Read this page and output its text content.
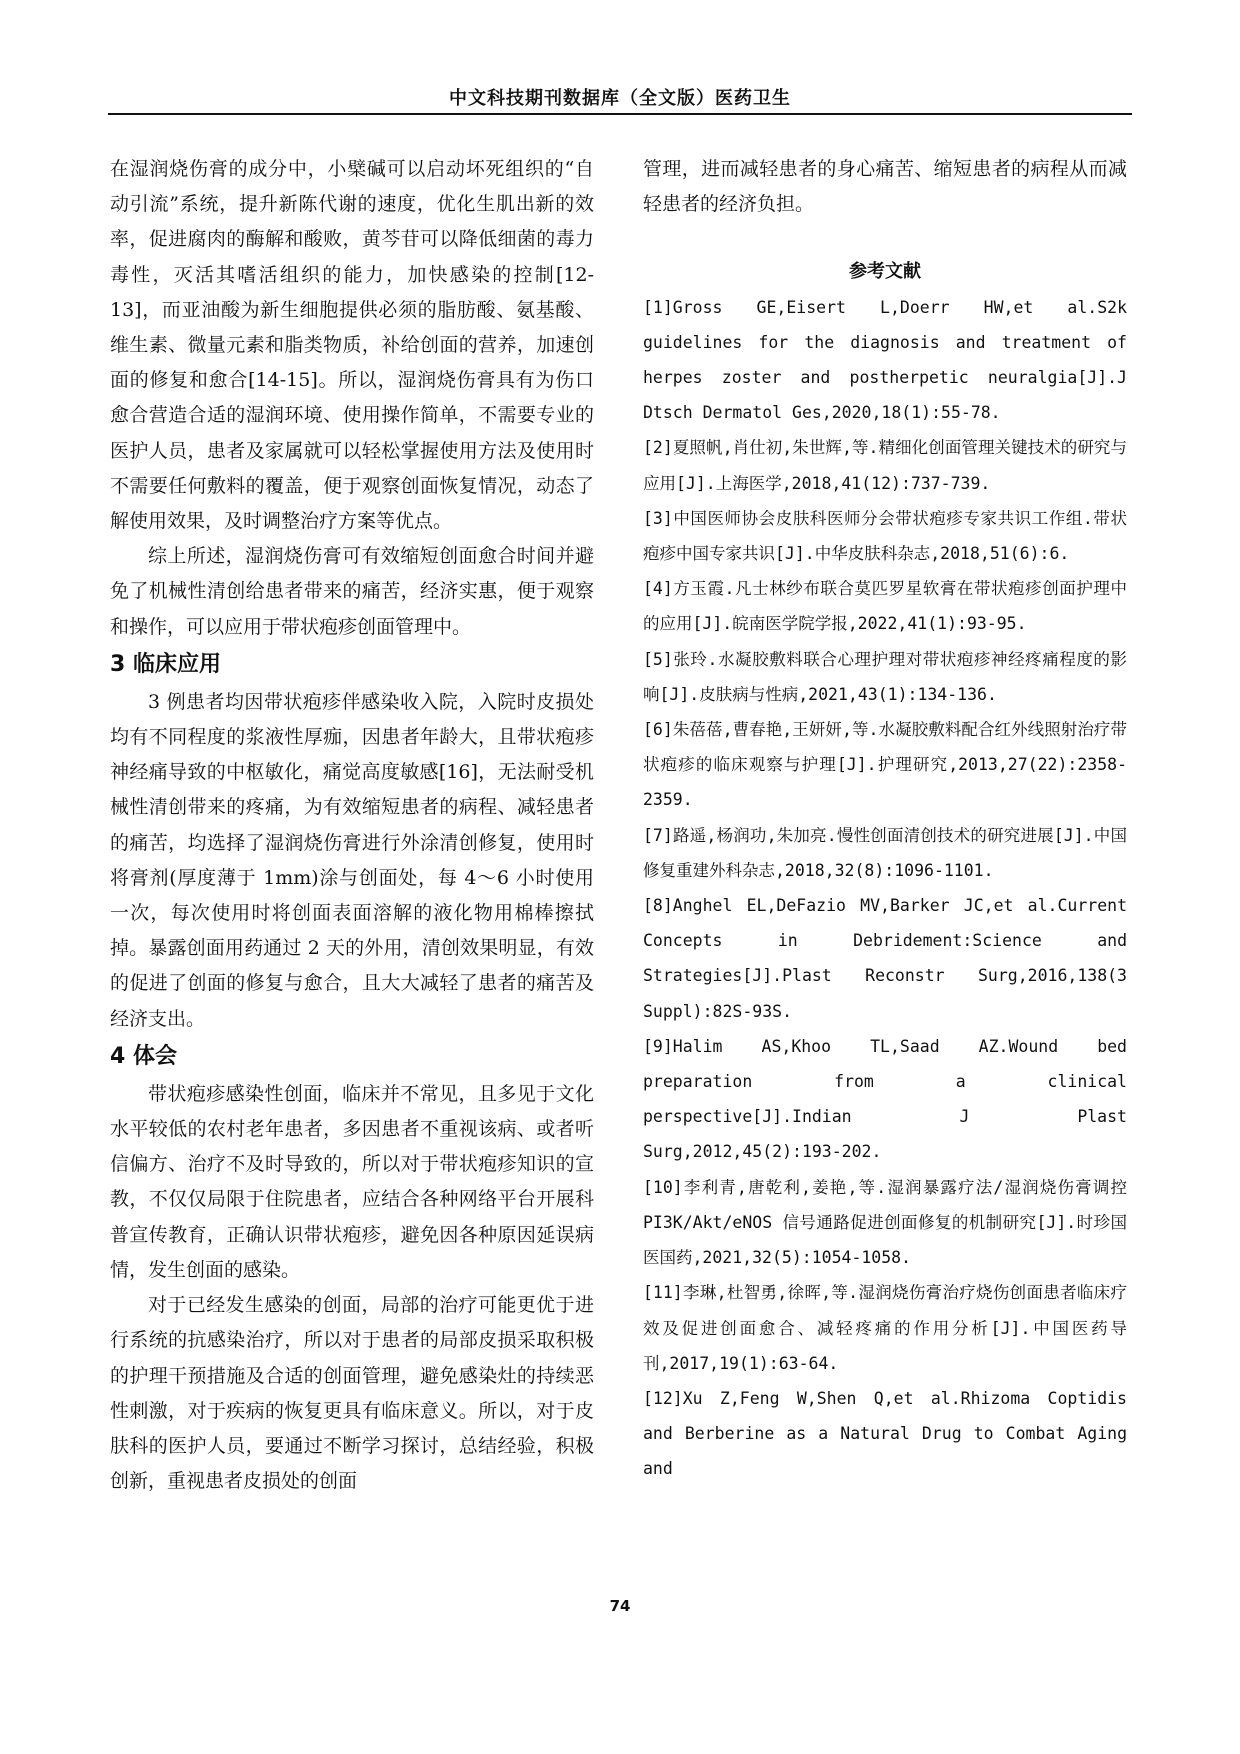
中文科技期刊数据库（全文版）医药卫生

在湿润烧伤膏的成分中，小檗碱可以启动坏死组织的“自动引流”系统，提升新陈代谢的速度，优化生肌出新的效率，促进腐肉的酶解和酸败，黄芩苷可以降低细菌的毒力毒性，灭活其嗜活组织的能力，加快感染的控制[12-13]，而亚油酸为新生细胞提供必须的脂肪酸、氨基酸、维生素、微量元素和脂类物质，补给创面的营养，加速创面的修复和愈合[14-15]。所以，湿润烧伤膏具有为伤口愈合营造合适的湿润环境、使用操作简单，不需要专业的医护人员，患者及家属就可以轻松掌握使用方法及使用时不需要任何敷料的覆盖，便于观察创面恢复情况，动态了解使用效果，及时调整治疗方案等优点。

综上所述，湿润烧伤膏可有效缩短创面愈合时间并避免了机械性清创给患者带来的痛苦，经济实惠，便于观察和操作，可以应用于带状疱疹创面管理中。

3 临床应用

3 例患者均因带状疱疹伴感染收入院，入院时皮损处均有不同程度的浆液性厚痂，因患者年龄大，且带状疱疹神经痛导致的中枢敏化，痛觉高度敏感[16]，无法耐受机械性清创带来的疼痛，为有效缩短患者的病程、减轻患者的痛苦，均选择了湿润烧伤膏进行外涂清创修复，使用时将膏剂(厚度薄于 1mm)涂与创面处，每 4～6 小时使用一次，每次使用时将创面表面溶解的液化物用棉棒擦拭掉。暴露创面用药通过 2 天的外用，清创效果明显，有效的促进了创面的修复与愈合，且大大减轻了患者的痛苦及经济支出。

4 体会

带状疱疹感染性创面，临床并不常见，且多见于文化水平较低的农村老年患者，多因患者不重视该病、或者听信偏方、治疗不及时导致的，所以对于带状疱疹知识的宣教，不仅仅局限于住院患者，应结合各种网络平台开展科普宣传教育，正确认识带状疱疹，避免因各种原因延误病情，发生创面的感染。

对于已经发生感染的创面，局部的治疗可能更优于进行系统的抗感染治疗，所以对于患者的局部皮损采取积极的护理干预措施及合适的创面管理，避免感染灶的持续恶性刺激，对于疾病的恢复更具有临床意义。所以，对于皮肤科的医护人员，要通过不断学习探讨，总结经验，积极创新，重视患者皮损处的创面

管理，进而减轻患者的身心痛苦、缩短患者的病程从而减轻患者的经济负担。

参考文献

[1]Gross GE,Eisert L,Doerr HW,et al.S2k guidelines for the diagnosis and treatment of herpes zoster and postherpetic neuralgia[J].J Dtsch Dermatol Ges,2020,18(1):55-78.

[2]夏照帆,肖仕初,朱世辉,等.精细化创面管理关键技术的研究与应用[J].上海医学,2018,41(12):737-739.

[3]中国医师协会皮肤科医师分会带状疱疹专家共识工作组.带状疱疹中国专家共识[J].中华皮肤科杂志,2018,51(6):6.

[4]方玉霞.凡士林纱布联合莫匹罗星软膏在带状疱疹创面护理中的应用[J].皖南医学院学报,2022,41(1):93-95.

[5]张玲.水凝胶敷料联合心理护理对带状疱疹神经疼痛程度的影响[J].皮肤病与性病,2021,43(1):134-136.

[6]朱蓓蓓,曹春艳,王妍妍,等.水凝胶敷料配合红外线照射治疗带状疱疹的临床观察与护理[J].护理研究,2013,27(22):2358-2359.

[7]路遥,杨润功,朱加亮.慢性创面清创技术的研究进展[J].中国修复重建外科杂志,2018,32(8):1096-1101.

[8]Anghel EL,DeFazio MV,Barker JC,et al.Current Concepts in Debridement:Science and Strategies[J].Plast Reconstr Surg,2016,138(3 Suppl):82S-93S.

[9]Halim AS,Khoo TL,Saad AZ.Wound bed preparation from a clinical perspective[J].Indian J Plast Surg,2012,45(2):193-202.

[10]李利青,唐乾利,姜艳,等.湿润暴露疗法/湿润烧伤膏调控 PI3K/Akt/eNOS 信号通路促进创面修复的机制研究[J].时珍国医国药,2021,32(5):1054-1058.

[11]李琳,杜智勇,徐晖,等.湿润烧伤膏治疗烧伤创面患者临床疗效及促进创面愈合、减轻疼痛的作用分析[J].中国医药导刊,2017,19(1):63-64.

[12]Xu Z,Feng W,Shen Q,et al.Rhizoma Coptidis and Berberine as a Natural Drug to Combat Aging and

74
